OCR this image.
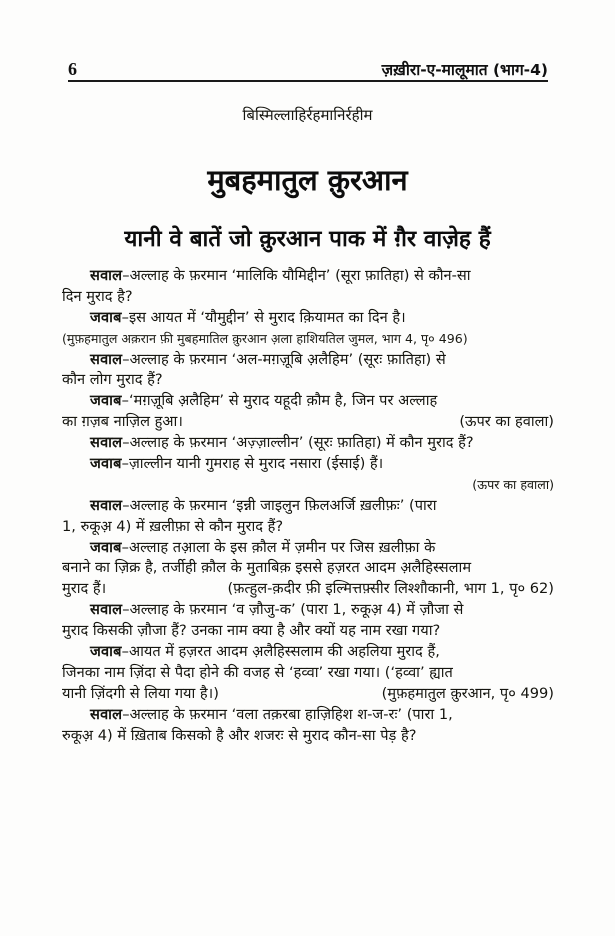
6	ज़ख़ीरा-ए-मालूमात (भाग-4)
बिस्मिल्लाहिर्रहमानिर्रहीम
मुबहमातुल क़ुरआन
यानी वे बातें जो क़ुरआन पाक में ग़ैर वाज़ेह हैं
सवाल–अल्लाह के फ़रमान ‘मालिकि यौमिद्दीन’ (सूरा फ़ातिहा) से कौन-सा
दिन मुराद है?
जवाब–इस आयत में ‘यौमुद्दीन’ से मुराद क़ियामत का दिन है।
(मुफ़हमातुल अक़रान फ़ी मुबहमातिल क़ुरआन अ़ला हाशियतिल जुमल, भाग 4, पृ० 496)
सवाल–अल्लाह के फ़रमान ‘अल-मग़ज़ूबि अ़लैहिम’ (सूरः फ़ातिहा) से
कौन लोग मुराद हैं?
जवाब–‘मग़ज़ूबि अ़लैहिम’ से मुराद यहूदी क़ौम है, जिन पर अल्लाह
का ग़ज़ब नाज़िल हुआ।	(ऊपर का हवाला)
सवाल–अल्लाह के फ़रमान ‘अज़्ज़ाल्लीन’ (सूरः फ़ातिहा) में कौन मुराद हैं?
जवाब–ज़ाल्लीन यानी गुमराह से मुराद नसारा (ईसाई) हैं।
(ऊपर का हवाला)
सवाल–अल्लाह के फ़रमान ‘इन्नी जाइलुन फ़िलअर्जि ख़लीफ़ः’ (पारा
1, रुकूअ़ 4) में ख़लीफ़ा से कौन मुराद हैं?
जवाब–अल्लाह तआ़ला के इस क़ौल में ज़मीन पर जिस ख़लीफ़ा के
बनाने का ज़िक्र है, तर्जीही क़ौल के मुताबिक़ इससे हज़रत आदम अ़लैहिस्सलाम
मुराद हैं।	(फ़त्हुल-क़दीर फ़ी इल्मित्तफ़्सीर लिश्शौकानी, भाग 1, पृ० 62)
सवाल–अल्लाह के फ़रमान ‘व ज़ौजु-क’ (पारा 1, रुकूअ़ 4) में ज़ौजा से
मुराद किसकी ज़ौजा हैं? उनका नाम क्या है और क्यों यह नाम रखा गया?
जवाब–आयत में हज़रत आदम अ़लैहिस्सलाम की अहलिया मुराद हैं,
जिनका नाम ज़िंदा से पैदा होने की वजह से ‘हव्वा’ रखा गया। (‘हव्वा’ ह्यात
यानी ज़िंदगी से लिया गया है।)	(मुफ़हमातुल क़ुरआन, पृ० 499)
सवाल–अल्लाह के फ़रमान ‘वला तक़रबा हाज़िहिश श-ज-रः’ (पारा 1,
रुकूअ़ 4) में ख़िताब किसको है और शजरः से मुराद कौन-सा पेड़ है?
